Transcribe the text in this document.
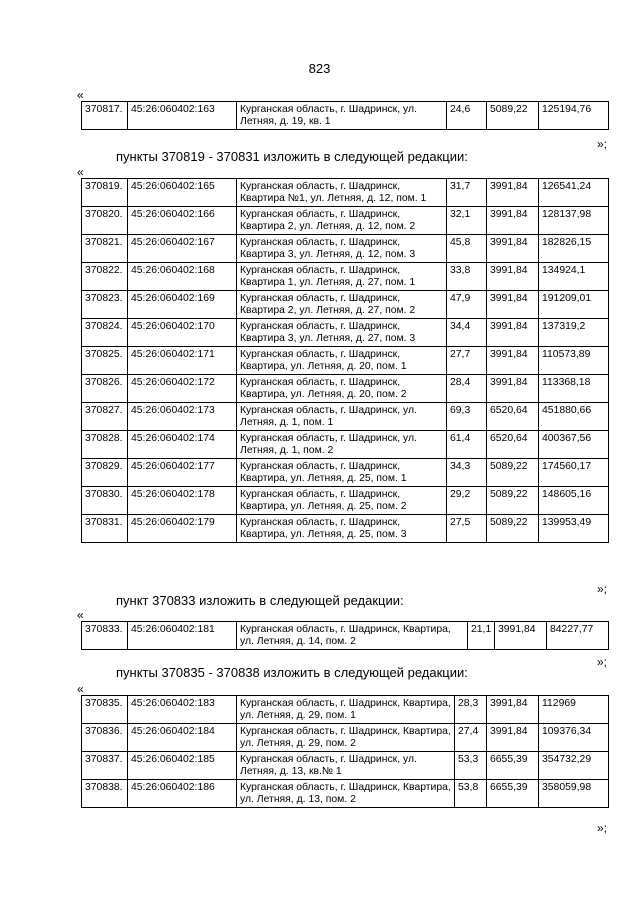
823
«
370817.	45:26:060402:163	Курганская область, г. Шадринск, ул. Летняя, д. 19, кв. 1	24,6	5089,22	125194,76
»;
пункты 370819 - 370831 изложить в следующей редакции:
«
370819.	45:26:060402:165	Курганская область, г. Шадринск, Квартира №1, ул. Летняя, д. 12, пом. 1	31,7	3991,84	126541,24
370820.	45:26:060402:166	Курганская область, г. Шадринск, Квартира 2, ул. Летняя, д. 12, пом. 2	32,1	3991,84	128137,98
370821.	45:26:060402:167	Курганская область, г. Шадринск, Квартира 3, ул. Летняя, д. 12, пом. 3	45,8	3991,84	182826,15
370822.	45:26:060402:168	Курганская область, г. Шадринск, Квартира 1, ул. Летняя, д. 27, пом. 1	33,8	3991,84	134924,1
370823.	45:26:060402:169	Курганская область, г. Шадринск, Квартира 2, ул. Летняя, д. 27, пом. 2	47,9	3991,84	191209,01
370824.	45:26:060402:170	Курганская область, г. Шадринск, Квартира 3, ул. Летняя, д. 27, пом. 3	34,4	3991,84	137319,2
370825.	45:26:060402:171	Курганская область, г. Шадринск, Квартира, ул. Летняя, д. 20, пом. 1	27,7	3991,84	110573,89
370826.	45:26:060402:172	Курганская область, г. Шадринск, Квартира, ул. Летняя, д. 20, пом. 2	28,4	3991,84	113368,18
370827.	45:26:060402:173	Курганская область, г. Шадринск, ул. Летняя, д. 1, пом. 1	69,3	6520,64	451880,66
370828.	45:26:060402:174	Курганская область, г. Шадринск, ул. Летняя, д. 1, пом. 2	61,4	6520,64	400367,56
370829.	45:26:060402:177	Курганская область, г. Шадринск, Квартира, ул. Летняя, д. 25, пом. 1	34,3	5089,22	174560,17
370830.	45:26:060402:178	Курганская область, г. Шадринск, Квартира, ул. Летняя, д. 25, пом. 2	29,2	5089,22	148605,16
370831.	45:26:060402:179	Курганская область, г. Шадринск, Квартира, ул. Летняя, д. 25, пом. 3	27,5	5089,22	139953,49
»;
пункт 370833 изложить в следующей редакции:
«
370833.	45:26:060402:181	Курганская область, г. Шадринск, Квартира, ул. Летняя, д. 14, пом. 2	21,1	3991,84	84227,77
»;
пункты 370835 - 370838 изложить в следующей редакции:
«
370835.	45:26:060402:183	Курганская область, г. Шадринск, Квартира, ул. Летняя, д. 29, пом. 1	28,3	3991,84	112969
370836.	45:26:060402:184	Курганская область, г. Шадринск, Квартира, ул. Летняя, д. 29, пом. 2	27,4	3991,84	109376,34
370837.	45:26:060402:185	Курганская область, г. Шадринск, ул. Летняя, д. 13, кв.№ 1	53,3	6655,39	354732,29
370838.	45:26:060402:186	Курганская область, г. Шадринск, Квартира, ул. Летняя, д. 13, пом. 2	53,8	6655,39	358059,98
»;
